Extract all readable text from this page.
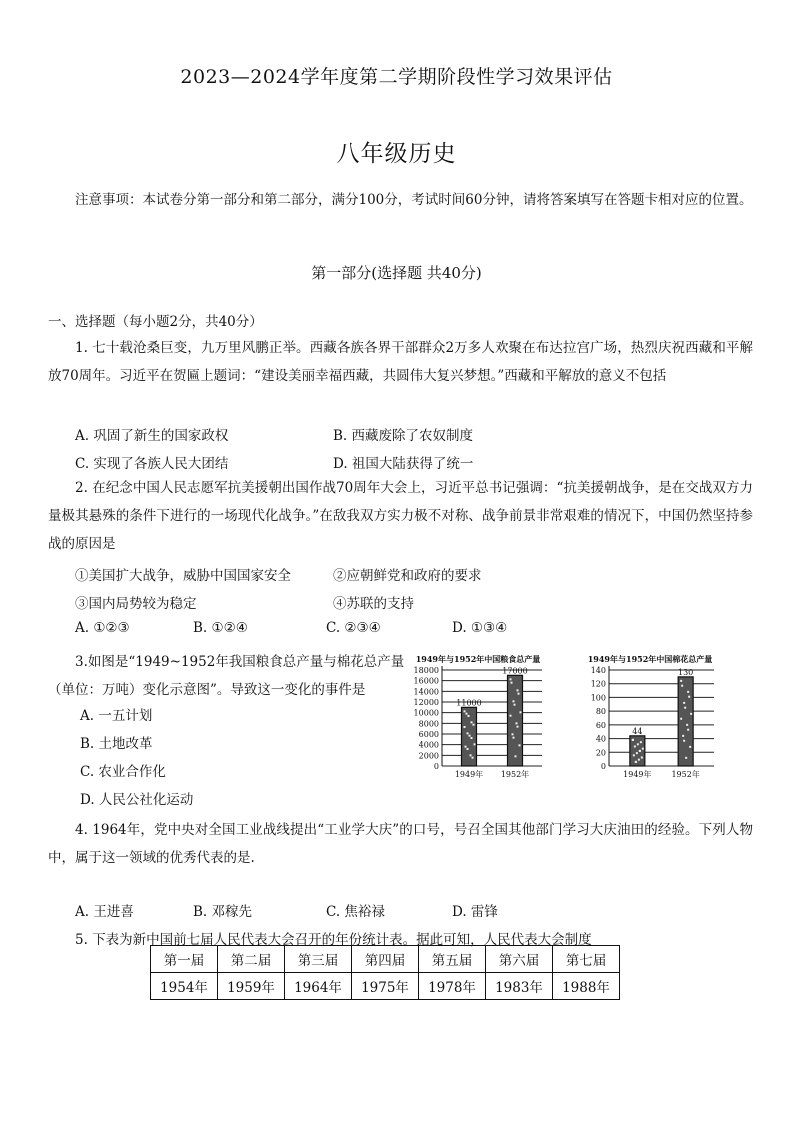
2023—2024学年度第二学期阶段性学习效果评估
八年级历史
注意事项：本试卷分第一部分和第二部分，满分100分，考试时间60分钟，请将答案填写在答题卡相对应的位置。
第一部分(选择题 共40分)
一、选择题（每小题2分，共40分）
1. 七十载沧桑巨变，九万里风鹏正举。西藏各族各界干部群众2万多人欢聚在布达拉宫广场，热烈庆祝西藏和平解放70周年。习近平在贺匾上题词：“建设美丽幸福西藏，共圆伟大复兴梦想。”西藏和平解放的意义不包括
A. 巩固了新生的国家政权	B. 西藏废除了农奴制度
C. 实现了各族人民大团结	D. 祖国大陆获得了统一
2. 在纪念中国人民志愿军抗美援朝出国作战70周年大会上，习近平总书记强调：“抗美援朝战争，是在交战双方力量极其悬殊的条件下进行的一场现代化战争。”在敌我双方实力极不对称、战争前景非常艰难的情况下，中国仍然坚持参战的原因是
①美国扩大战争，威胁中国国家安全	②应朝鲜党和政府的要求
③国内局势较为稳定	④苏联的支持
A. ①②③	B. ①②④	C. ②③④	D. ①③④
3.如图是“1949~1952年我国粮食总产量与棉花总产量（单位：万吨）变化示意图”。导致这一变化的事件是
A. 一五计划
B. 土地改革
C. 农业合作化
D. 人民公社化运动
1949年与1952年中国粮食总产量
18000
16000
14000
12000
10000
8000
6000
4000
2000
0
11000
1949年
17000
1952年
1949年与1952年中国棉花总产量
140
120
100
80
60
40
20
0
44
1949年
130
1952年
4. 1964年，党中央对全国工业战线提出“工业学大庆”的口号，号召全国其他部门学习大庆油田的经验。下列人物中，属于这一领域的优秀代表的是.
A. 王进喜	B. 邓稼先	C. 焦裕禄	D. 雷锋
5. 下表为新中国前七届人民代表大会召开的年份统计表。据此可知，人民代表大会制度
第一届	第二届	第三届	第四届	第五届	第六届	第七届
1954年	1959年	1964年	1975年	1978年	1983年	1988年
